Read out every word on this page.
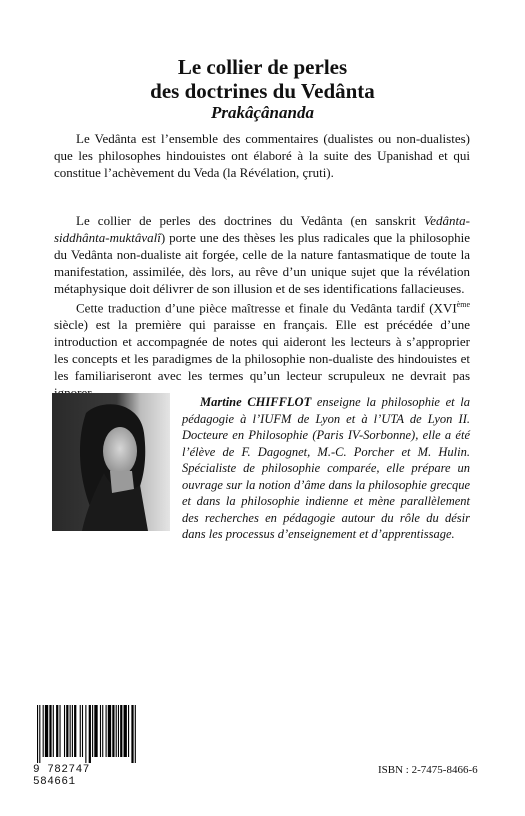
Le collier de perles
des doctrines du Vedânta
Prakâçânanda

Le Vedânta est l’ensemble des commentaires (dualistes ou non-dualistes) que les philosophes hindouistes ont élaboré à la suite des Upanishad et qui constitue l’achèvement du Veda (la Révélation, çruti).

Le collier de perles des doctrines du Vedânta (en sanskrit Vedânta-siddhânta-muktâvalî) porte une des thèses les plus radicales que la philosophie du Vedânta non-dualiste ait forgée, celle de la nature fantasmatique de toute la manifestation, assimilée, dès lors, au rêve d’un unique sujet que la révélation métaphysique doit délivrer de son illusion et de ses identifications fallacieuses.

Cette traduction d’une pièce maîtresse et finale du Vedânta tardif (XVIème siècle) est la première qui paraisse en français. Elle est précédée d’une introduction et accompagnée de notes qui aideront les lecteurs à s’approprier les concepts et les paradigmes de la philosophie non-dualiste des hindouistes et les familiariseront avec les termes qu’un lecteur scrupuleux ne devrait pas

Martine CHIFFLOT enseigne la philosophie et la pédagogie à l’IUFM de Lyon et à l’UTA de Lyon II. Docteure en Philosophie (Paris IV-Sorbonne), elle a été l’élève de F. Dagognet, M.-C. Porcher et M. Hulin. Spécialiste de philosophie comparée, elle prépare un ouvrage sur la notion d’âme dans la philosophie grecque et dans la philosophie indienne et mène parallèlement des recherches en pédagogie autour du rôle du désir dans les processus d’enseignement et d’apprentissage.

9 782747 584661
ISBN : 2-7475-8466-6
